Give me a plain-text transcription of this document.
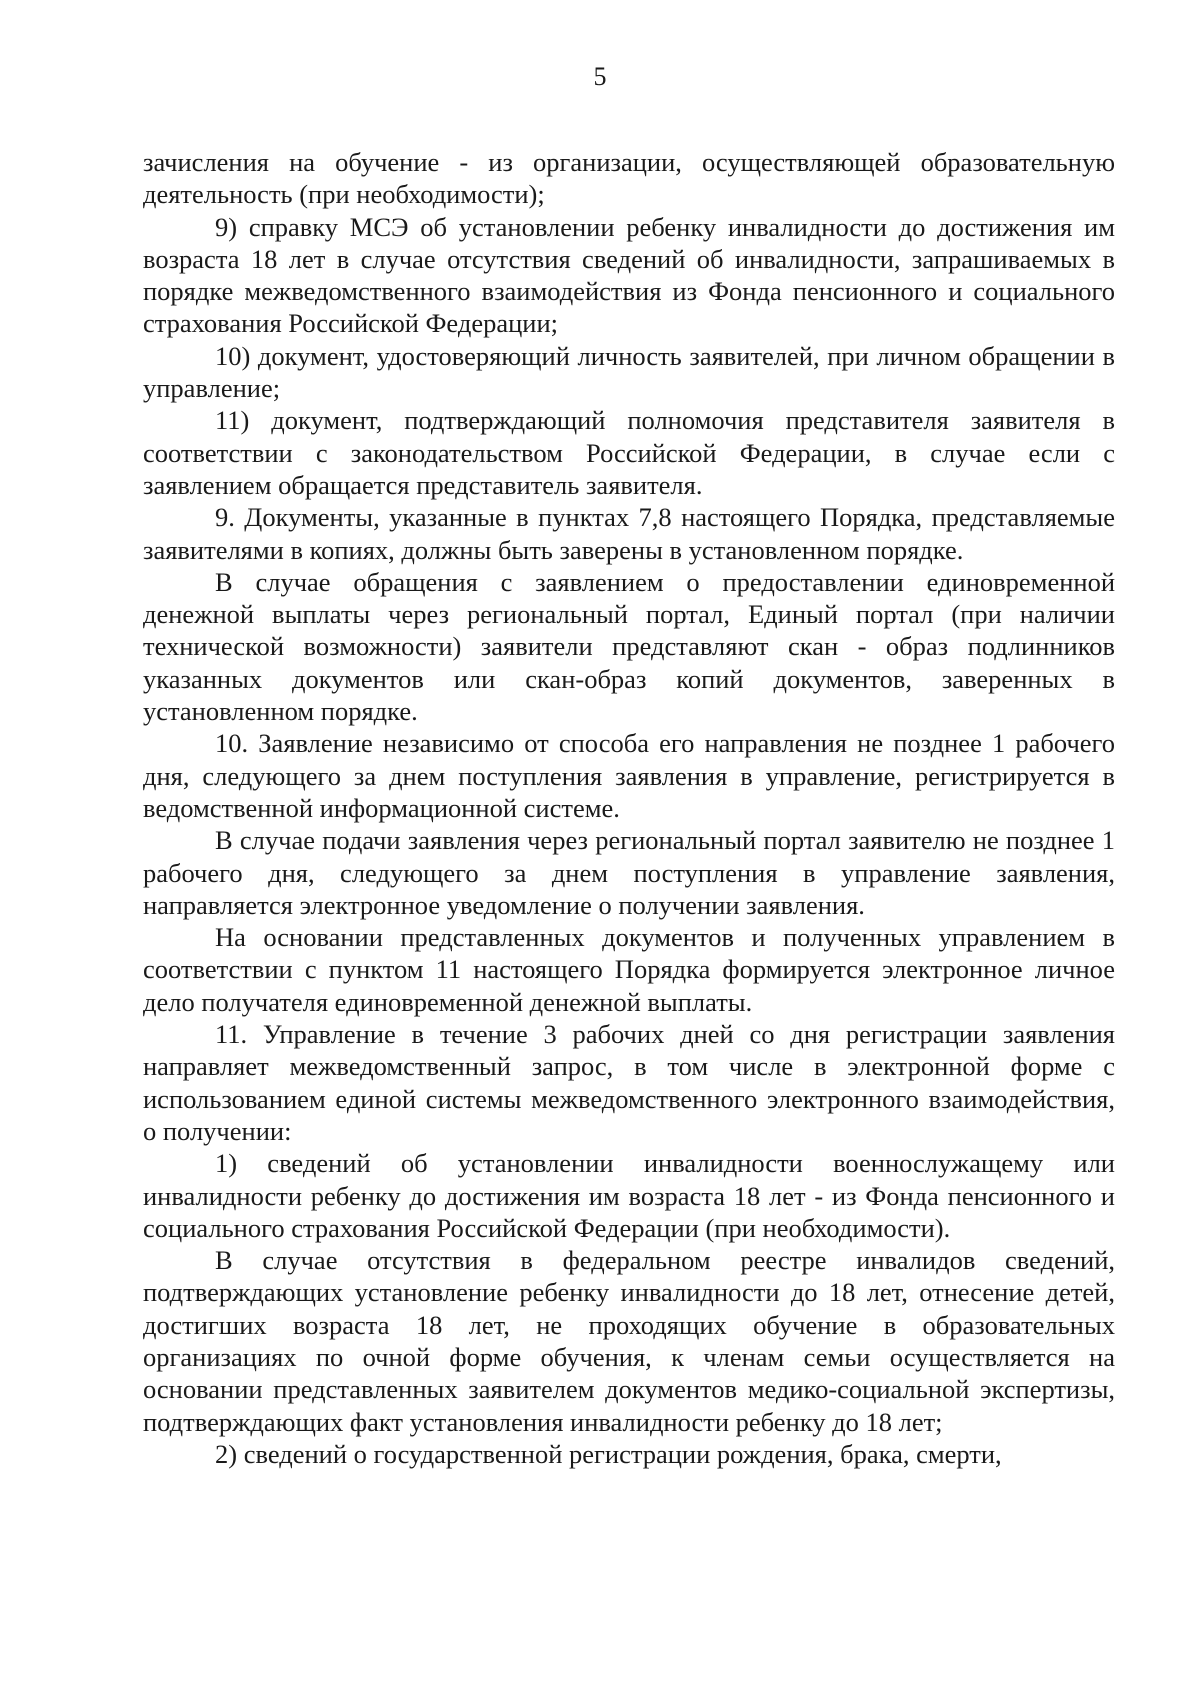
5

зачисления на обучение - из организации, осуществляющей образовательную деятельность (при необходимости);

9) справку МСЭ об установлении ребенку инвалидности до достижения им возраста 18 лет в случае отсутствия сведений об инвалидности, запрашиваемых в порядке межведомственного взаимодействия из Фонда пенсионного и социального страхования Российской Федерации;

10) документ, удостоверяющий личность заявителей, при личном обращении в управление;

11) документ, подтверждающий полномочия представителя заявителя в соответствии с законодательством Российской Федерации, в случае если с заявлением обращается представитель заявителя.

9. Документы, указанные в пунктах 7,8 настоящего Порядка, представляемые заявителями в копиях, должны быть заверены в установленном порядке.

В случае обращения с заявлением о предоставлении единовременной денежной выплаты через региональный портал, Единый портал (при наличии технической возможности) заявители представляют скан - образ подлинников указанных документов или скан-образ копий документов, заверенных в установленном порядке.

10. Заявление независимо от способа его направления не позднее 1 рабочего дня, следующего за днем поступления заявления в управление, регистрируется в ведомственной информационной системе.

В случае подачи заявления через региональный портал заявителю не позднее 1 рабочего дня, следующего за днем поступления в управление заявления, направляется электронное уведомление о получении заявления.

На основании представленных документов и полученных управлением в соответствии с пунктом 11 настоящего Порядка формируется электронное личное дело получателя единовременной денежной выплаты.

11. Управление в течение 3 рабочих дней со дня регистрации заявления направляет межведомственный запрос, в том числе в электронной форме с использованием единой системы межведомственного электронного взаимодействия, о получении:

1) сведений об установлении инвалидности военнослужащему или инвалидности ребенку до достижения им возраста 18 лет - из Фонда пенсионного и социального страхования Российской Федерации (при необходимости).

В случае отсутствия в федеральном реестре инвалидов сведений, подтверждающих установление ребенку инвалидности до 18 лет, отнесение детей, достигших возраста 18 лет, не проходящих обучение в образовательных организациях по очной форме обучения, к членам семьи осуществляется на основании представленных заявителем документов медико-социальной экспертизы, подтверждающих факт установления инвалидности ребенку до 18 лет;

2) сведений о государственной регистрации рождения, брака, смерти,
